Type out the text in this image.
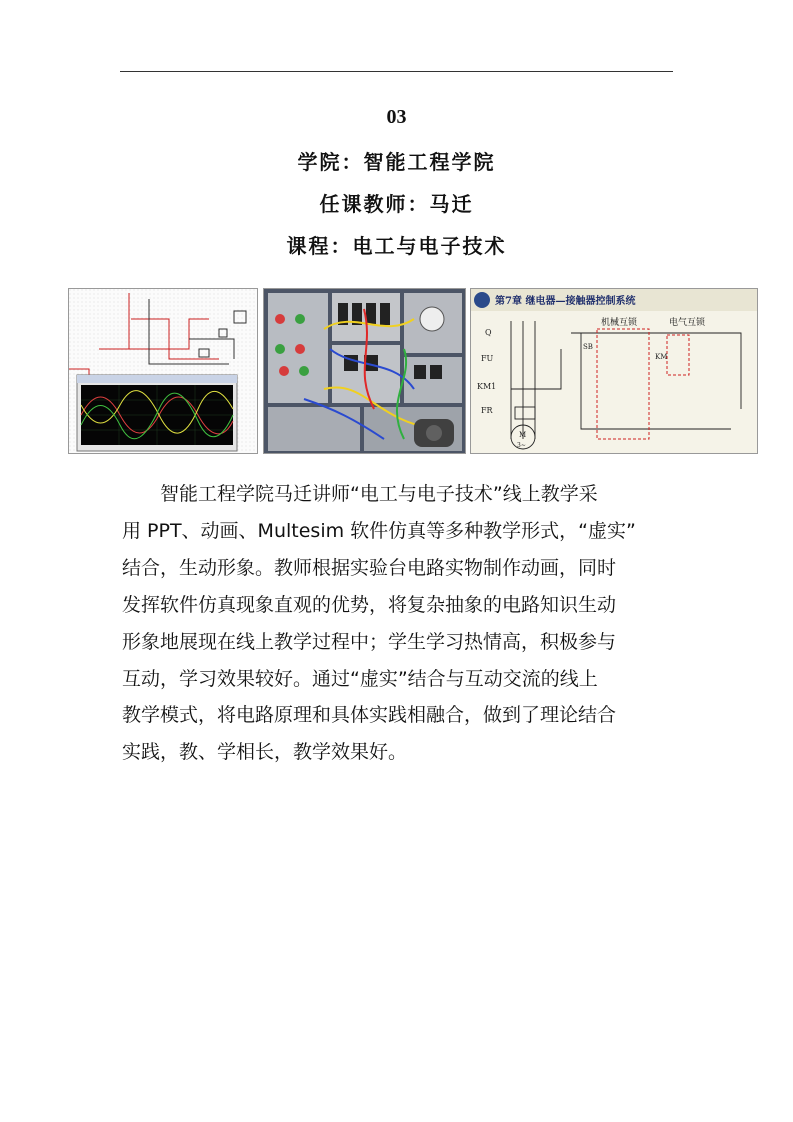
03
学院：智能工程学院
任课教师：马迁
课程：电工与电子技术
第7章 继电器—接触器控制系统
机械互锁	电气互锁
Q
FU
KM1
FR
SB
KM
M
3~

智能工程学院马迁讲师“电工与电子技术”线上教学采
用 PPT、动画、Multesim 软件仿真等多种教学形式，“虚实”
结合，生动形象。教师根据实验台电路实物制作动画，同时
发挥软件仿真现象直观的优势，将复杂抽象的电路知识生动
形象地展现在线上教学过程中；学生学习热情高，积极参与
互动，学习效果较好。通过“虚实”结合与互动交流的线上
教学模式，将电路原理和具体实践相融合，做到了理论结合
实践，教、学相长，教学效果好。
